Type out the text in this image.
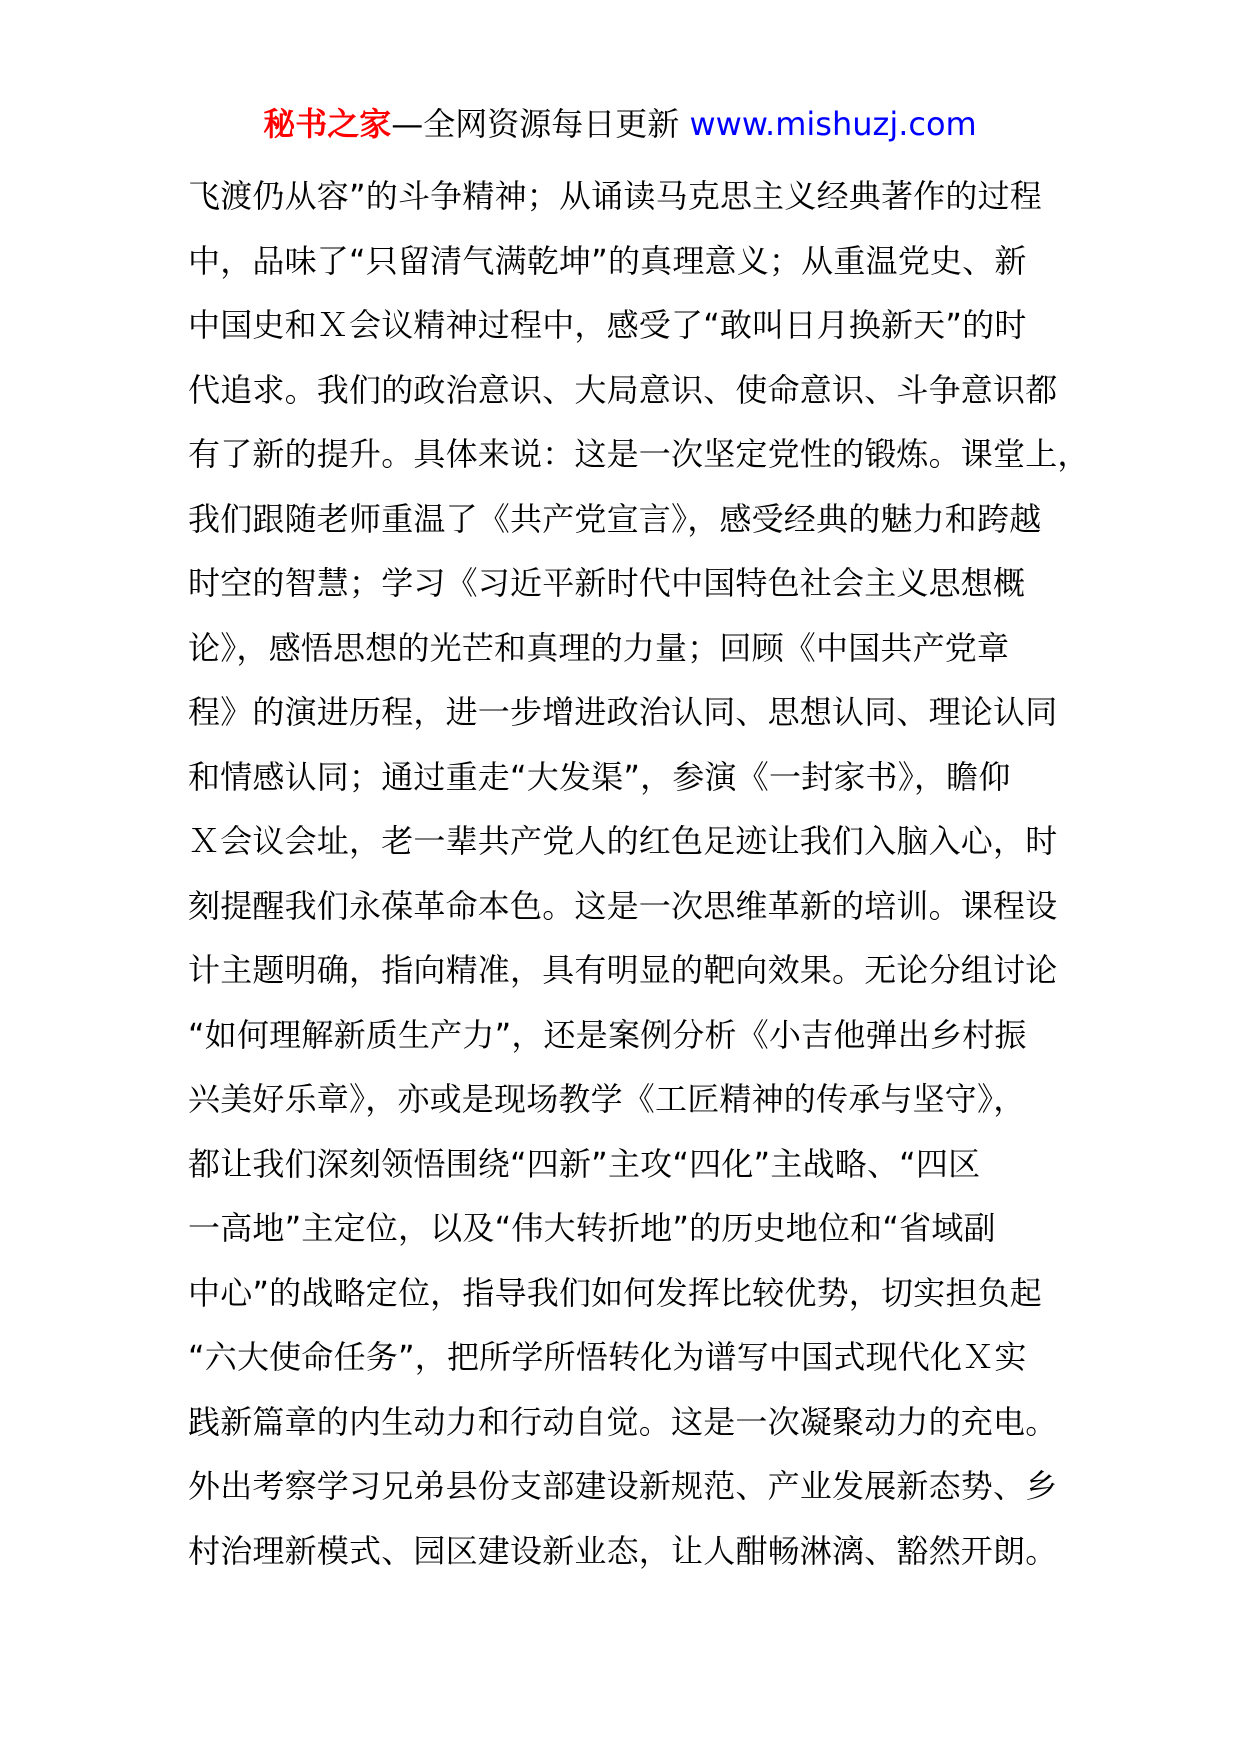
秘书之家—全网资源每日更新 www.mishuzj.com
飞渡仍从容”的斗争精神；从诵读马克思主义经典著作的过程
中，品味了“只留清气满乾坤”的真理意义；从重温党史、新
中国史和Ｘ会议精神过程中，感受了“敢叫日月换新天”的时
代追求。我们的政治意识、大局意识、使命意识、斗争意识都
有了新的提升。具体来说：这是一次坚定党性的锻炼。课堂上，
我们跟随老师重温了《共产党宣言》，感受经典的魅力和跨越
时空的智慧；学习《习近平新时代中国特色社会主义思想概
论》，感悟思想的光芒和真理的力量；回顾《中国共产党章
程》的演进历程，进一步增进政治认同、思想认同、理论认同
和情感认同；通过重走“大发渠”，参演《一封家书》，瞻仰
Ｘ会议会址，老一辈共产党人的红色足迹让我们入脑入心，时
刻提醒我们永葆革命本色。这是一次思维革新的培训。课程设
计主题明确，指向精准，具有明显的靶向效果。无论分组讨论
“如何理解新质生产力”，还是案例分析《小吉他弹出乡村振
兴美好乐章》，亦或是现场教学《工匠精神的传承与坚守》，
都让我们深刻领悟围绕“四新”主攻“四化”主战略、“四区
一高地”主定位，以及“伟大转折地”的历史地位和“省域副
中心”的战略定位，指导我们如何发挥比较优势，切实担负起
“六大使命任务”，把所学所悟转化为谱写中国式现代化Ｘ实
践新篇章的内生动力和行动自觉。这是一次凝聚动力的充电。
外出考察学习兄弟县份支部建设新规范、产业发展新态势、乡
村治理新模式、园区建设新业态，让人酣畅淋漓、豁然开朗。
